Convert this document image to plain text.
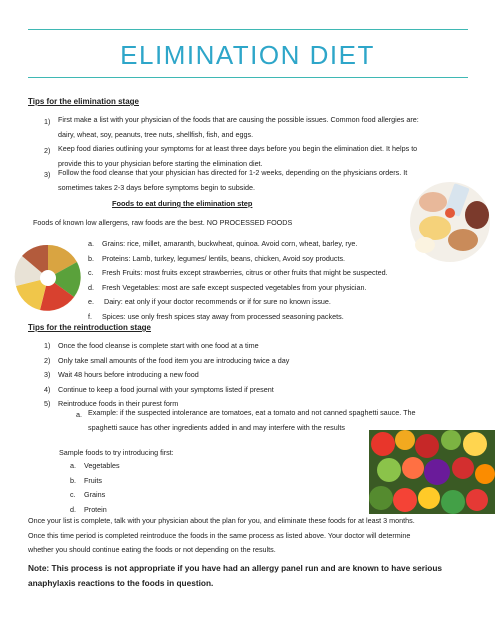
ELIMINATION DIET
Tips for the elimination stage
1) First make a list with your physician of the foods that are causing the possible issues. Common food allergies are:
dairy, wheat, soy, peanuts, tree nuts, shellfish, fish, and eggs.
2) Keep food diaries outlining your symptoms for at least three days before you begin the elimination diet. It helps to
provide this to your physician before starting the elimination diet.
3) Follow the food cleanse that your physician has directed for 1-2 weeks, depending on the physicians orders. It
sometimes takes 2-3 days before symptoms begin to subside.
Foods to eat during the elimination step
Foods of known low allergens, raw foods are the best. NO PROCESSED FOODS
a. Grains: rice, millet, amaranth, buckwheat, quinoa. Avoid corn, wheat, barley, rye.
b. Proteins: Lamb, turkey, legumes/ lentils, beans, chicken, Avoid soy products.
c. Fresh Fruits: most fruits except strawberries, citrus or other fruits that might be suspected.
d. Fresh Vegetables: most are safe except suspected vegetables from your physician.
e. Dairy: eat only if your doctor recommends or if for sure no known issue.
f. Spices: use only fresh spices stay away from processed seasoning packets.
Tips for the reintroduction stage
1) Once the food cleanse is complete start with one food at a time
2) Only take small amounts of the food item you are introducing twice a day
3) Wait 48 hours before introducing a new food
4) Continue to keep a food journal with your symptoms listed if present
5) Reintroduce foods in their purest form
a. Example: if the suspected intolerance are tomatoes, eat a tomato and not canned spaghetti sauce. The
spaghetti sauce has other ingredients added in and may interfere with the results
Sample foods to try introducing first:
a. Vegetables
b. Fruits
c. Grains
d. Protein
Once your list is complete, talk with your physician about the plan for you, and eliminate these foods for at least 3 months.
Once this time period is completed reintroduce the foods in the same process as listed above. Your doctor will determine
whether you should continue eating the foods or not depending on the results.
Note: This process is not appropriate if you have had an allergy panel run and are known to have serious anaphylaxis reactions to the foods in question.
